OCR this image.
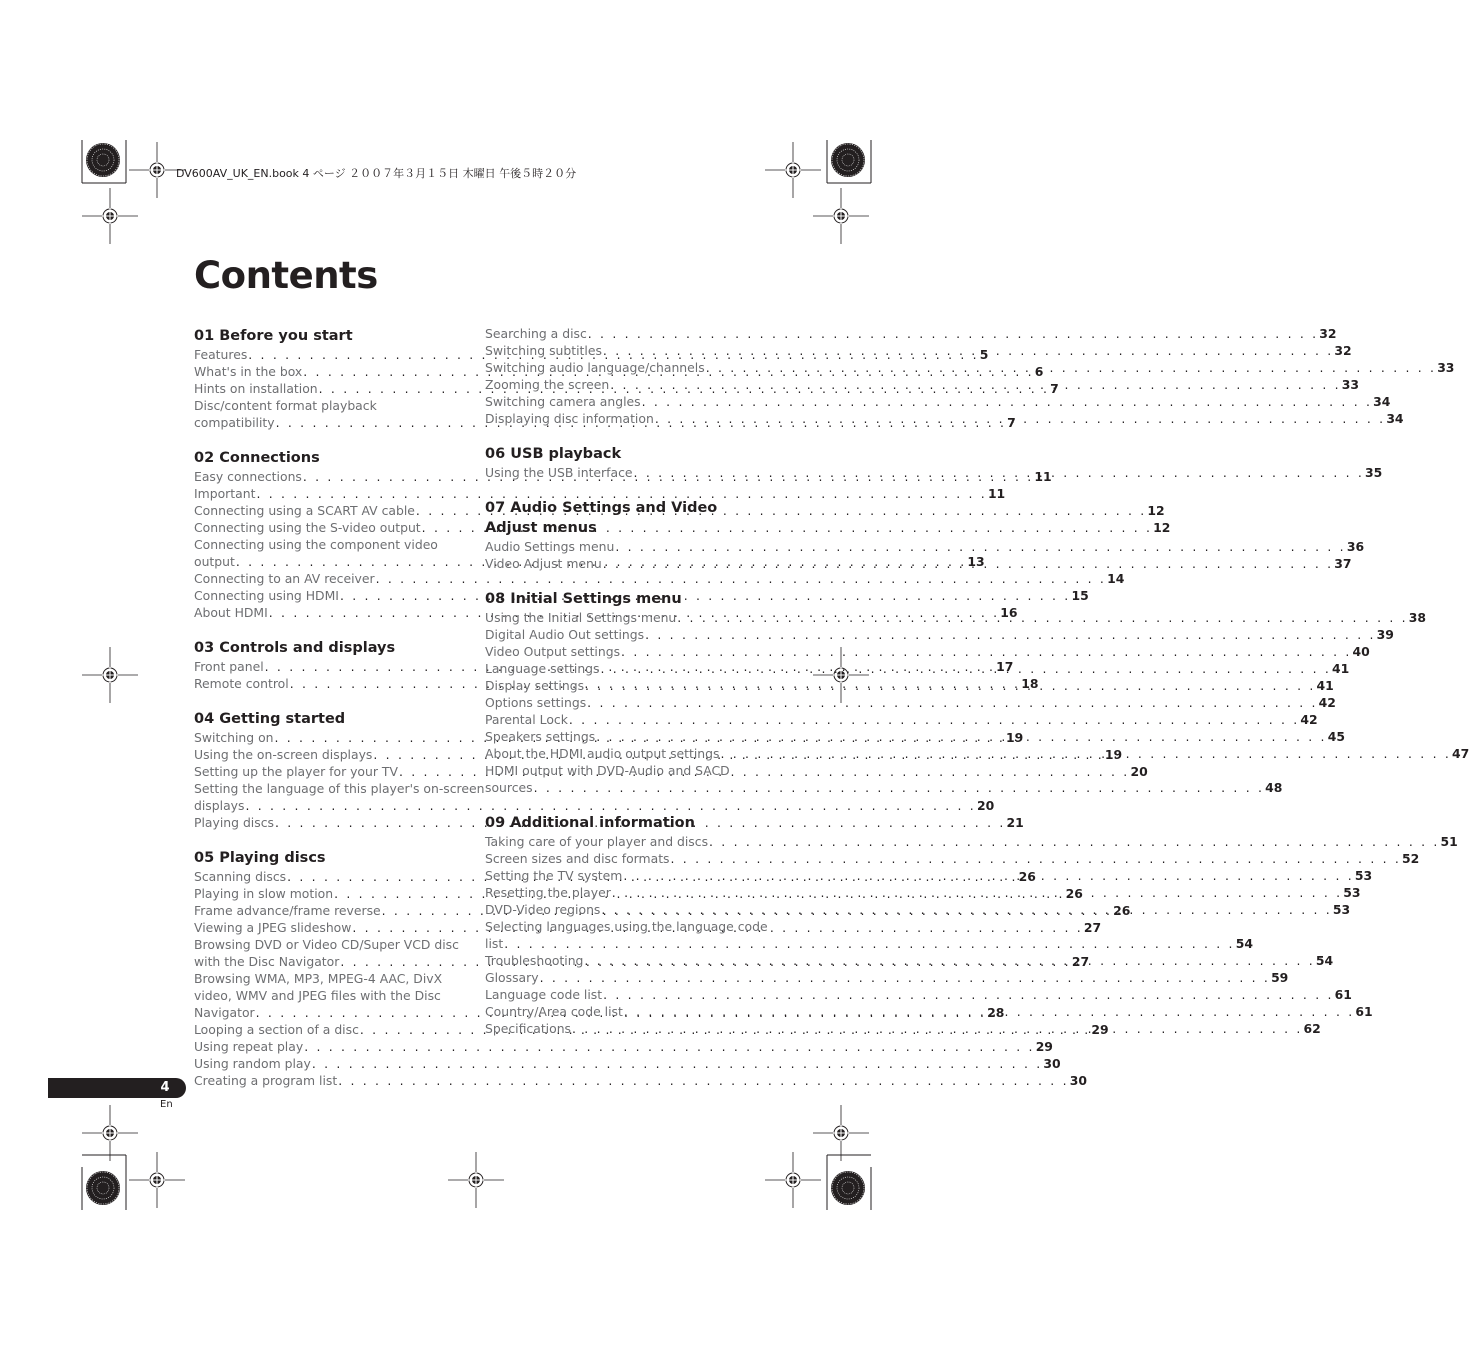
DV600AV_UK_EN.book 4 ページ ２００７年３月１５日 木曜日 午後５時２０分
Contents
01 Before you start
Features . . .	5
What's in the box . . .	6
Hints on installation . . .	7
Disc/content format playback
compatibility . . .	7
02 Connections
Easy connections . . .	11
Important . . .	11
Connecting using a SCART AV cable . . .	12
Connecting using the S-video output . . .	12
Connecting using the component video
output . . .	13
Connecting to an AV receiver . . .	14
Connecting using HDMI . . .	15
About HDMI . . .	16
03 Controls and displays
Front panel . . .	17
Remote control . . .	18
04 Getting started
Switching on . . .	19
Using the on-screen displays . . .	19
Setting up the player for your TV . . .	20
Setting the language of this player's on-screen
displays . . .	20
Playing discs . . .	21
05 Playing discs
Scanning discs . . .	26
Playing in slow motion . . .	26
Frame advance/frame reverse . . .	26
Viewing a JPEG slideshow . . .	27
Browsing DVD or Video CD/Super VCD disc
with the Disc Navigator . . .	27
Browsing WMA, MP3, MPEG-4 AAC, DivX
video, WMV and JPEG files with the Disc
Navigator . . .	28
Looping a section of a disc . . .	29
Using repeat play . . .	29
Using random play . . .	30
Creating a program list . . .	30
Searching a disc . . .	32
Switching subtitles . . .	32
Switching audio language/channels . . .	33
Zooming the screen . . .	33
Switching camera angles . . .	34
Displaying disc information . . .	34
06 USB playback
Using the USB interface . . .	35
07 Audio Settings and Video Adjust menus
Audio Settings menu . . .	36
Video Adjust menu . . .	37
08 Initial Settings menu
Using the Initial Settings menu . . .	38
Digital Audio Out settings . . .	39
Video Output settings . . .	40
Language settings . . .	41
Display settings . . .	41
Options settings . . .	42
Parental Lock . . .	42
Speakers settings . . .	45
About the HDMI audio output settings . . .	47
HDMI output with DVD-Audio and SACD
sources . . .	48
09 Additional information
Taking care of your player and discs . . .	51
Screen sizes and disc formats . . .	52
Setting the TV system . . .	53
Resetting the player . . .	53
DVD-Video regions . . .	53
Selecting languages using the language code
list . . .	54
Troubleshooting . . .	54
Glossary . . .	59
Language code list . . .	61
Country/Area code list . . .	61
Specifications . . .	62
4
En
